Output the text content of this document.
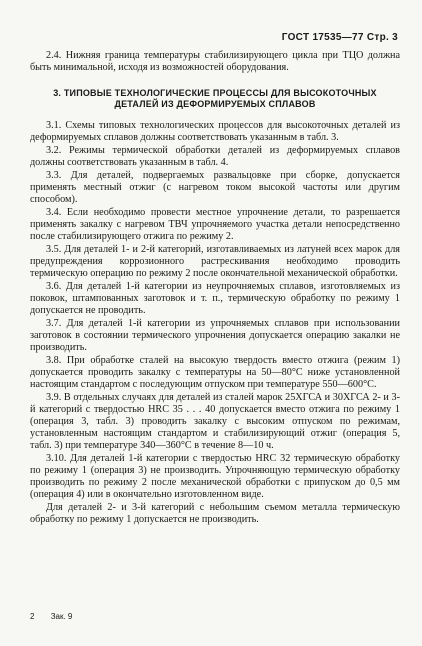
ГОСТ 17535—77 Стр. 3

2.4. Нижняя граница температуры стабилизирующего цикла при ТЦО должна быть минимальной, исходя из возможностей оборудования.

3. ТИПОВЫЕ ТЕХНОЛОГИЧЕСКИЕ ПРОЦЕССЫ ДЛЯ ВЫСОКОТОЧНЫХ
ДЕТАЛЕЙ ИЗ ДЕФОРМИРУЕМЫХ СПЛАВОВ

3.1. Схемы типовых технологических процессов для высокоточных деталей из деформируемых сплавов должны соответствовать указанным в табл. 3.

3.2. Режимы термической обработки деталей из деформируемых сплавов должны соответствовать указанным в табл. 4.

3.3. Для деталей, подвергаемых развальцовке при сборке, допускается применять местный отжиг (с нагревом током высокой частоты или другим способом).

3.4. Если необходимо провести местное упрочнение детали, то разрешается применять закалку с нагревом ТВЧ упрочняемого участка детали непосредственно после стабилизирующего отжига по режиму 2.

3.5. Для деталей 1- и 2-й категорий, изготавливаемых из латуней всех марок для предупреждения коррозионного растрескивания необходимо проводить термическую операцию по режиму 2 после окончательной механической обработки.

3.6. Для деталей 1-й категории из неупрочняемых сплавов, изготовляемых из поковок, штампованных заготовок и т. п., термическую обработку по режиму 1 допускается не проводить.

3.7. Для деталей 1-й категории из упрочняемых сплавов при использовании заготовок в состоянии термического упрочнения допускается операцию закалки не производить.

3.8. При обработке сталей на высокую твердость вместо отжига (режим 1) допускается проводить закалку с температуры на 50—80°С ниже установленной настоящим стандартом с последующим отпуском при температуре 550—600°С.

3.9. В отдельных случаях для деталей из сталей марок 25ХГСА и 30ХГСА 2- и 3-й категорий с твердостью HRC 35 . . . 40 допускается вместо отжига по режиму 1 (операция 3, табл. 3) проводить закалку с высоким отпуском по режимам, установленным настоящим стандартом и стабилизирующий отжиг (операция 5, табл. 3) при температуре 340—360°С в течение 8—10 ч.

3.10. Для деталей 1-й категории с твердостью HRC 32 термическую обработку по режиму 1 (операция 3) не производить. Упрочняющую термическую обработку производить по режиму 2 после механической обработки с припуском до 0,5 мм (операция 4) или в окончательно изготовленном виде.

Для деталей 2- и 3-й категорий с небольшим съемом металла термическую обработку по режиму 1 допускается не производить.

2 Зак. 9
